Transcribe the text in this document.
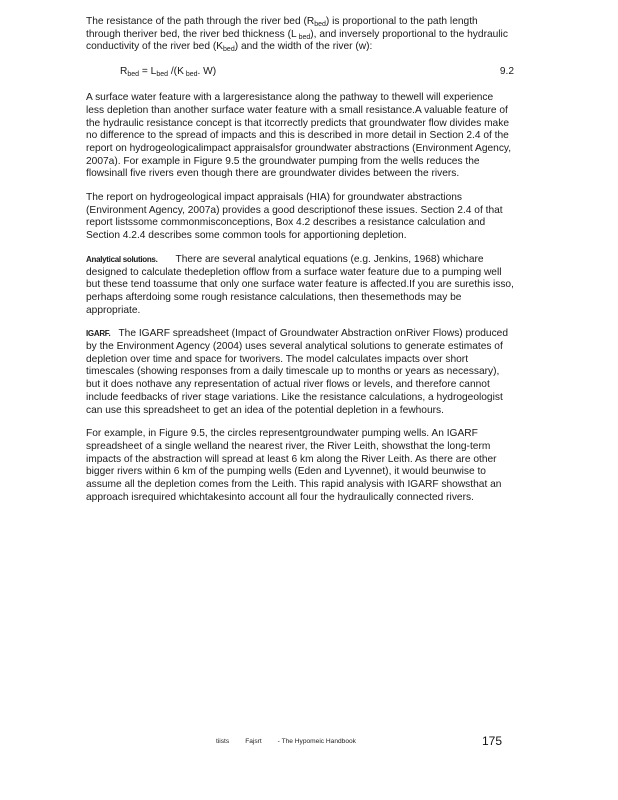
The resistance of the path through the river bed $(R_{bed})$ is proportional to the path length through theriver bed, the river bed thickness (L $_{bed}$), and inversely proportional to the hydraulic conductivity of the river bed $(K_{bed})$ and the width of the river (w):

$R_{bed} = L_{bed}$ /(K $_{bed}$. W)	9.2

A surface water feature with a largeresistance along the pathway to thewell will experience less depletion than another surface water feature with a small resistance.A valuable feature of the hydraulic resistance concept is that itcorrectly predicts that groundwater flow divides make no difference to the spread of impacts and this is described in more detail in Section 2.4 of the report on hydrogeologicalimpact appraisalsfor groundwater abstractions (Environment Agency, 2007a). For example in Figure 9.5 the groundwater pumping from the wells reduces the flowsinall five rivers even though there are groundwater divides between the rivers.

The report on hydrogeological impact appraisals (HIA) for groundwater abstractions (Environment Agency, 2007a) provides a good descriptionof these issues. Section 2.4 of that report listssome commonmisconceptions, Box 4.2 describes a resistance calculation and Section 4.2.4 describes some common tools for apportioning depletion.

Analytical solutions. There are several analytical equations (e.g. Jenkins, 1968) whichare designed to calculate thedepletion offlow from a surface water feature due to a pumping well but these tend toassume that only one surface water feature is affected.If you are surethis isso, perhaps afterdoing some rough resistance calculations, then thesemethods may be appropriate.

IGARF. The IGARF spreadsheet (Impact of Groundwater Abstraction onRiver Flows) produced by the Environment Agency (2004) uses several analytical solutions to generate estimates of depletion over time and space for tworivers. The model calculates impacts over short timescales (showing responses from a daily timescale up to months or years as necessary), but it does nothave any representation of actual river flows or levels, and therefore cannot include feedbacks of river stage variations. Like the resistance calculations, a hydrogeologist can use this spreadsheet to get an idea of the potential depletion in a fewhours.

For example, in Figure 9.5, the circles representgroundwater pumping wells. An IGARF spreadsheet of a single welland the nearest river, the River Leith, showsthat the long-term impacts of the abstraction will spread at least 6 km along the River Leith. As there are other bigger rivers within 6 km of the pumping wells (Eden and Lyvennet), it would beunwise to assume all the depletion comes from the Leith. This rapid analysis with IGARF showsthat an approach isrequired whichtakesinto account all four the hydraulically connected rivers.

tiists Fajsrt - The Hypomeic Handbook	175
